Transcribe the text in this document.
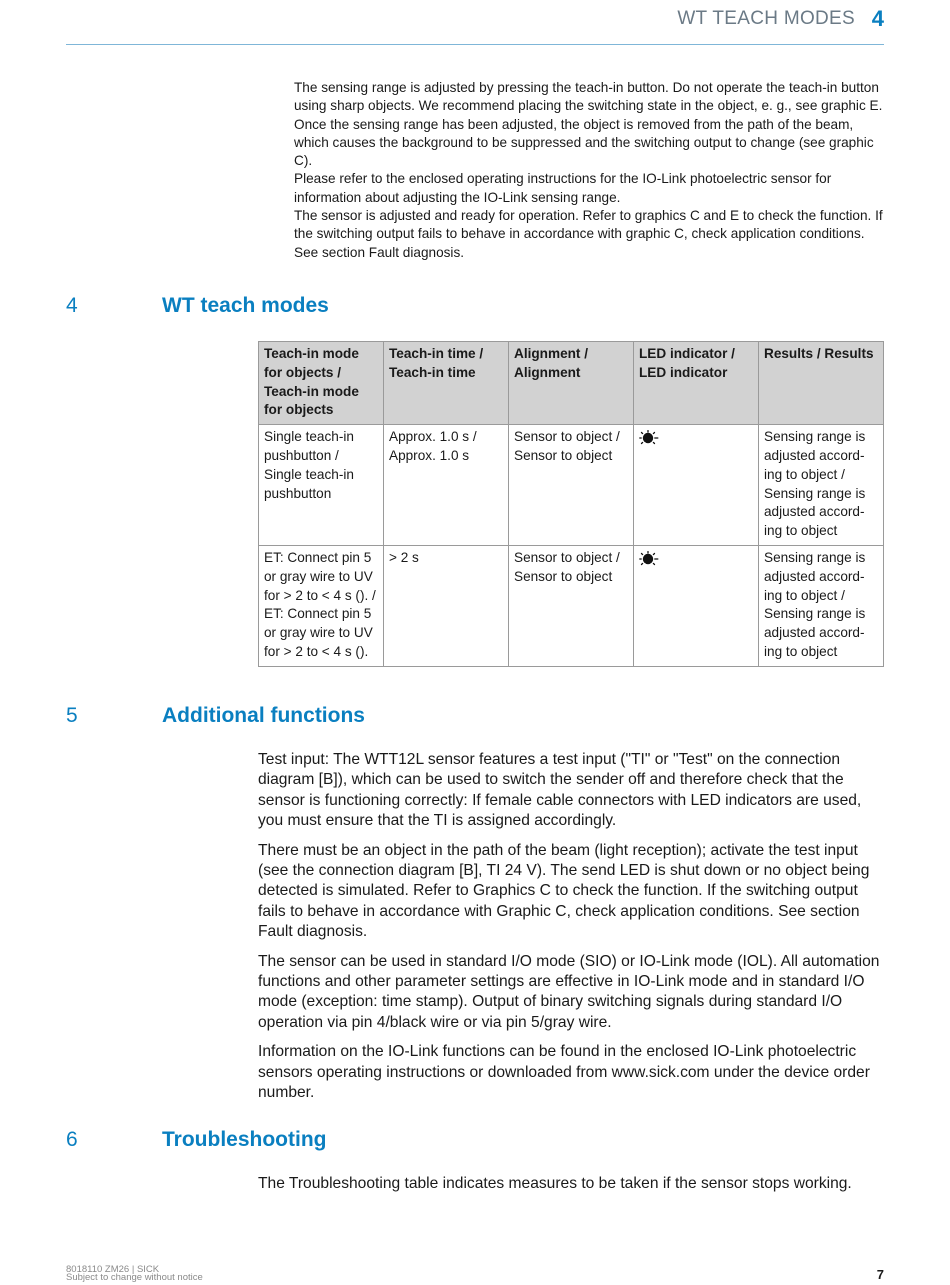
WT TEACH MODES 4

The sensing range is adjusted by pressing the teach-in button. Do not operate the teach-in button using sharp objects. We recommend placing the switching state in the object, e. g., see graphic E. Once the sensing range has been adjusted, the object is removed from the path of the beam, which causes the background to be suppressed and the switching output to change (see graphic C).

Please refer to the enclosed operating instructions for the IO-Link photoelectric sensor for information about adjusting the IO-Link sensing range.

The sensor is adjusted and ready for operation. Refer to graphics C and E to check the function. If the switching output fails to behave in accordance with graphic C, check application conditions. See section Fault diagnosis.

4	WT teach modes
Teach-in mode for objects / Teach-in mode for objects	Teach-in time / Teach-in time	Alignment / Alignment	LED indicator / LED indicator	Results / Results
Single teach-in pushbutton / Single teach-in pushbutton	Approx. 1.0 s / Approx. 1.0 s	Sensor to object / Sensor to object		Sensing range is adjusted according to object / Sensing range is adjusted according to object
ET: Connect pin 5 or gray wire to UV for > 2 to < 4 s (). / ET: Connect pin 5 or gray wire to UV for > 2 to < 4 s ().	> 2 s	Sensor to object / Sensor to object		Sensing range is adjusted according to object / Sensing range is adjusted according to object
5	Additional functions

Test input: The WTT12L sensor features a test input ("TI" or "Test" on the connection diagram [B]), which can be used to switch the sender off and therefore check that the sensor is functioning correctly: If female cable connectors with LED indicators are used, you must ensure that the TI is assigned accordingly.

There must be an object in the path of the beam (light reception); activate the test input (see the connection diagram [B], TI 24 V). The send LED is shut down or no object being detected is simulated. Refer to Graphics C to check the function. If the switching output fails to behave in accordance with Graphic C, check application conditions. See section Fault diagnosis.

The sensor can be used in standard I/O mode (SIO) or IO-Link mode (IOL). All automation functions and other parameter settings are effective in IO-Link mode and in standard I/O mode (exception: time stamp). Output of binary switching signals during standard I/O operation via pin 4/black wire or via pin 5/gray wire.

Information on the IO-Link functions can be found in the enclosed IO-Link photoelectric sensors operating instructions or downloaded from www.sick.com under the device order number.

6	Troubleshooting

The Troubleshooting table indicates measures to be taken if the sensor stops working.

8018110 ZM26 | SICK
Subject to change without notice	7
